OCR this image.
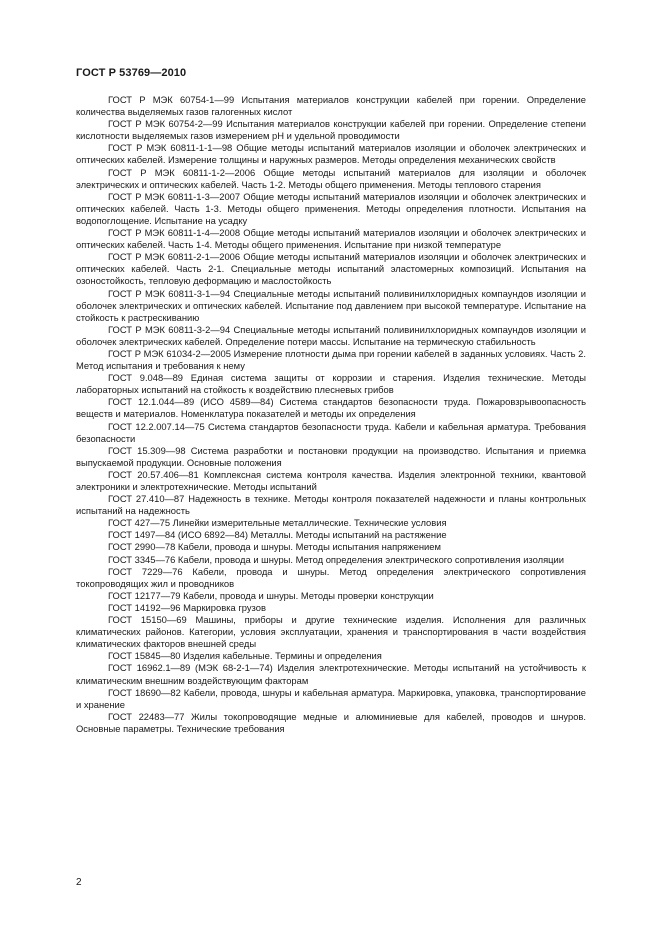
ГОСТ Р 53769—2010

ГОСТ Р МЭК 60754-1—99 Испытания материалов конструкции кабелей при горении. Определение количества выделяемых газов галогенных кислот

ГОСТ Р МЭК 60754-2—99 Испытания материалов конструкции кабелей при горении. Определение степени кислотности выделяемых газов измерением pH и удельной проводимости

ГОСТ Р МЭК 60811-1-1—98 Общие методы испытаний материалов изоляции и оболочек электрических и оптических кабелей. Измерение толщины и наружных размеров. Методы определения механических свойств

ГОСТ Р МЭК 60811-1-2—2006 Общие методы испытаний материалов для изоляции и оболочек электрических и оптических кабелей. Часть 1-2. Методы общего применения. Методы теплового старения

ГОСТ Р МЭК 60811-1-3—2007 Общие методы испытаний материалов изоляции и оболочек электрических и оптических кабелей. Часть 1-3. Методы общего применения. Методы определения плотности. Испытания на водопоглощение. Испытание на усадку

ГОСТ Р МЭК 60811-1-4—2008 Общие методы испытаний материалов изоляции и оболочек электрических и оптических кабелей. Часть 1-4. Методы общего применения. Испытание при низкой температуре

ГОСТ Р МЭК 60811-2-1—2006 Общие методы испытаний материалов изоляции и оболочек электрических и оптических кабелей. Часть 2-1. Специальные методы испытаний эластомерных композиций. Испытания на озоностойкость, тепловую деформацию и маслостойкость

ГОСТ Р МЭК 60811-3-1—94 Специальные методы испытаний поливинилхлоридных компаундов изоляции и оболочек электрических и оптических кабелей. Испытание под давлением при высокой температуре. Испытание на стойкость к растрескиванию

ГОСТ Р МЭК 60811-3-2—94 Специальные методы испытаний поливинилхлоридных компаундов изоляции и оболочек электрических кабелей. Определение потери массы. Испытание на термическую стабильность

ГОСТ Р МЭК 61034-2—2005 Измерение плотности дыма при горении кабелей в заданных условиях. Часть 2. Метод испытания и требования к нему

ГОСТ 9.048—89 Единая система защиты от коррозии и старения. Изделия технические. Методы лабораторных испытаний на стойкость к воздействию плесневых грибов

ГОСТ 12.1.044—89 (ИСО 4589—84) Система стандартов безопасности труда. Пожаровзрывоопасность веществ и материалов. Номенклатура показателей и методы их определения

ГОСТ 12.2.007.14—75 Система стандартов безопасности труда. Кабели и кабельная арматура. Требования безопасности

ГОСТ 15.309—98 Система разработки и постановки продукции на производство. Испытания и приемка выпускаемой продукции. Основные положения

ГОСТ 20.57.406—81 Комплексная система контроля качества. Изделия электронной техники, квантовой электроники и электротехнические. Методы испытаний

ГОСТ 27.410—87 Надежность в технике. Методы контроля показателей надежности и планы контрольных испытаний на надежность

ГОСТ 427—75 Линейки измерительные металлические. Технические условия

ГОСТ 1497—84 (ИСО 6892—84) Металлы. Методы испытаний на растяжение

ГОСТ 2990—78 Кабели, провода и шнуры. Методы испытания напряжением

ГОСТ 3345—76 Кабели, провода и шнуры. Метод определения электрического сопротивления изоляции

ГОСТ 7229—76 Кабели, провода и шнуры. Метод определения электрического сопротивления токопроводящих жил и проводников

ГОСТ 12177—79 Кабели, провода и шнуры. Методы проверки конструкции

ГОСТ 14192—96 Маркировка грузов

ГОСТ 15150—69 Машины, приборы и другие технические изделия. Исполнения для различных климатических районов. Категории, условия эксплуатации, хранения и транспортирования в части воздействия климатических факторов внешней среды

ГОСТ 15845—80 Изделия кабельные. Термины и определения

ГОСТ 16962.1—89 (МЭК 68-2-1—74) Изделия электротехнические. Методы испытаний на устойчивость к климатическим внешним воздействующим факторам

ГОСТ 18690—82 Кабели, провода, шнуры и кабельная арматура. Маркировка, упаковка, транспортирование и хранение

ГОСТ 22483—77 Жилы токопроводящие медные и алюминиевые для кабелей, проводов и шнуров. Основные параметры. Технические требования

2
